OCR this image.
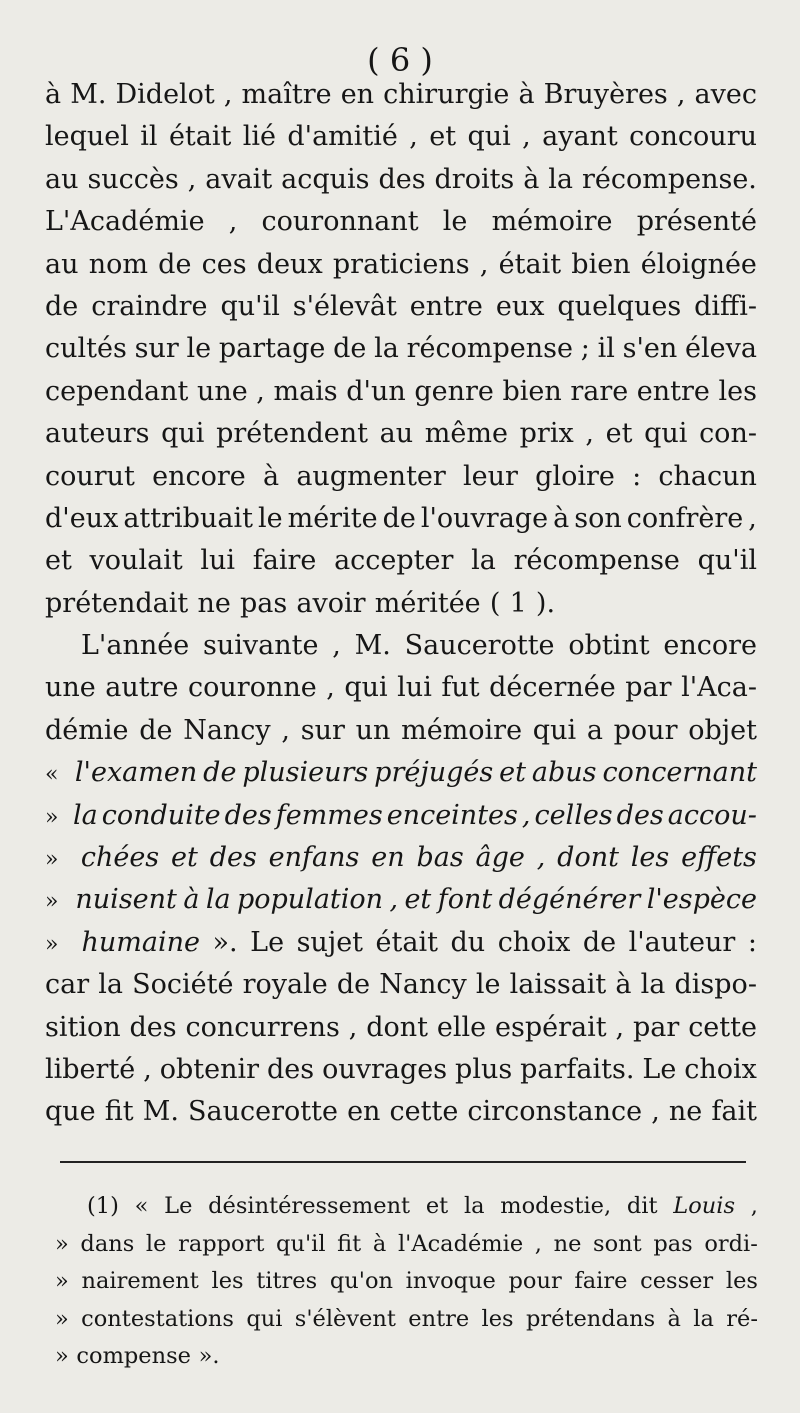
( 6 )
à M. Didelot , maître en chirurgie à Bruyères , avec
lequel il était lié d'amitié , et qui , ayant concouru
au succès , avait acquis des droits à la récompense.
L'Académie , couronnant le mémoire présenté
au nom de ces deux praticiens , était bien éloignée
de craindre qu'il s'élevât entre eux quelques diffi-
cultés sur le partage de la récompense ; il s'en éleva
cependant une , mais d'un genre bien rare entre les
auteurs qui prétendent au même prix , et qui con-
courut encore à augmenter leur gloire : chacun
d'eux attribuait le mérite de l'ouvrage à son confrère ,
et voulait lui faire accepter la récompense qu'il
prétendait ne pas avoir méritée ( 1 ).
L'année suivante , M. Saucerotte obtint encore
une autre couronne , qui lui fut décernée par l'Aca-
démie de Nancy , sur un mémoire qui a pour objet
« l'examen de plusieurs préjugés et abus concernant
» la conduite des femmes enceintes , celles des accou-
» chées et des enfans en bas âge , dont les effets
» nuisent à la population , et font dégénérer l'espèce
» humaine ». Le sujet était du choix de l'auteur :
car la Société royale de Nancy le laissait à la dispo-
sition des concurrens , dont elle espérait , par cette
liberté , obtenir des ouvrages plus parfaits. Le choix
que fit M. Saucerotte en cette circonstance , ne fait
(1) « Le désintéressement et la modestie, dit Louis ,
» dans le rapport qu'il fit à l'Académie , ne sont pas ordi-
» nairement les titres qu'on invoque pour faire cesser les
» contestations qui s'élèvent entre les prétendans à la ré-
» compense ».
